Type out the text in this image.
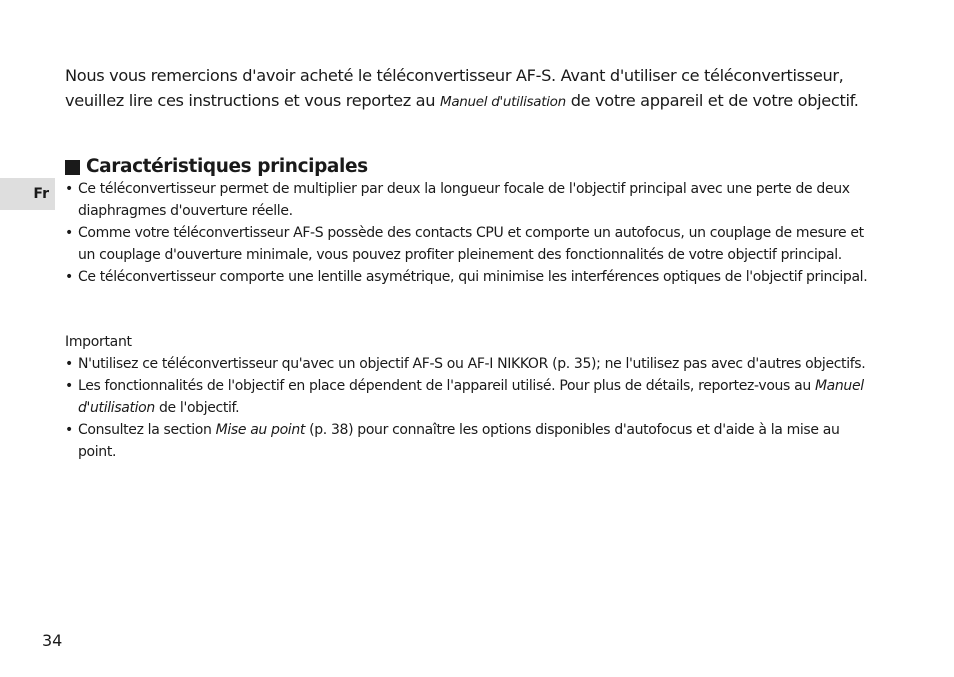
Nous vous remercions d'avoir acheté le téléconvertisseur AF-S. Avant d'utiliser ce téléconvertisseur, veuillez lire ces instructions et vous reportez au Manuel d'utilisation de votre appareil et de votre objectif.

Caractéristiques principales
Fr • Ce téléconvertisseur permet de multiplier par deux la longueur focale de l'objectif principal avec une perte de deux diaphragmes d'ouverture réelle.
• Comme votre téléconvertisseur AF-S possède des contacts CPU et comporte un autofocus, un couplage de mesure et un couplage d'ouverture minimale, vous pouvez profiter pleinement des fonctionnalités de votre objectif principal.
• Ce téléconvertisseur comporte une lentille asymétrique, qui minimise les interférences optiques de l'objectif principal.

Important

• N'utilisez ce téléconvertisseur qu'avec un objectif AF-S ou AF-I NIKKOR (p. 35); ne l'utilisez pas avec d'autres objectifs.
• Les fonctionnalités de l'objectif en place dépendent de l'appareil utilisé. Pour plus de détails, reportez-vous au Manuel d'utilisation de l'objectif.
• Consultez la section Mise au point (p. 38) pour connaître les options disponibles d'autofocus et d'aide à la mise au point.

34
